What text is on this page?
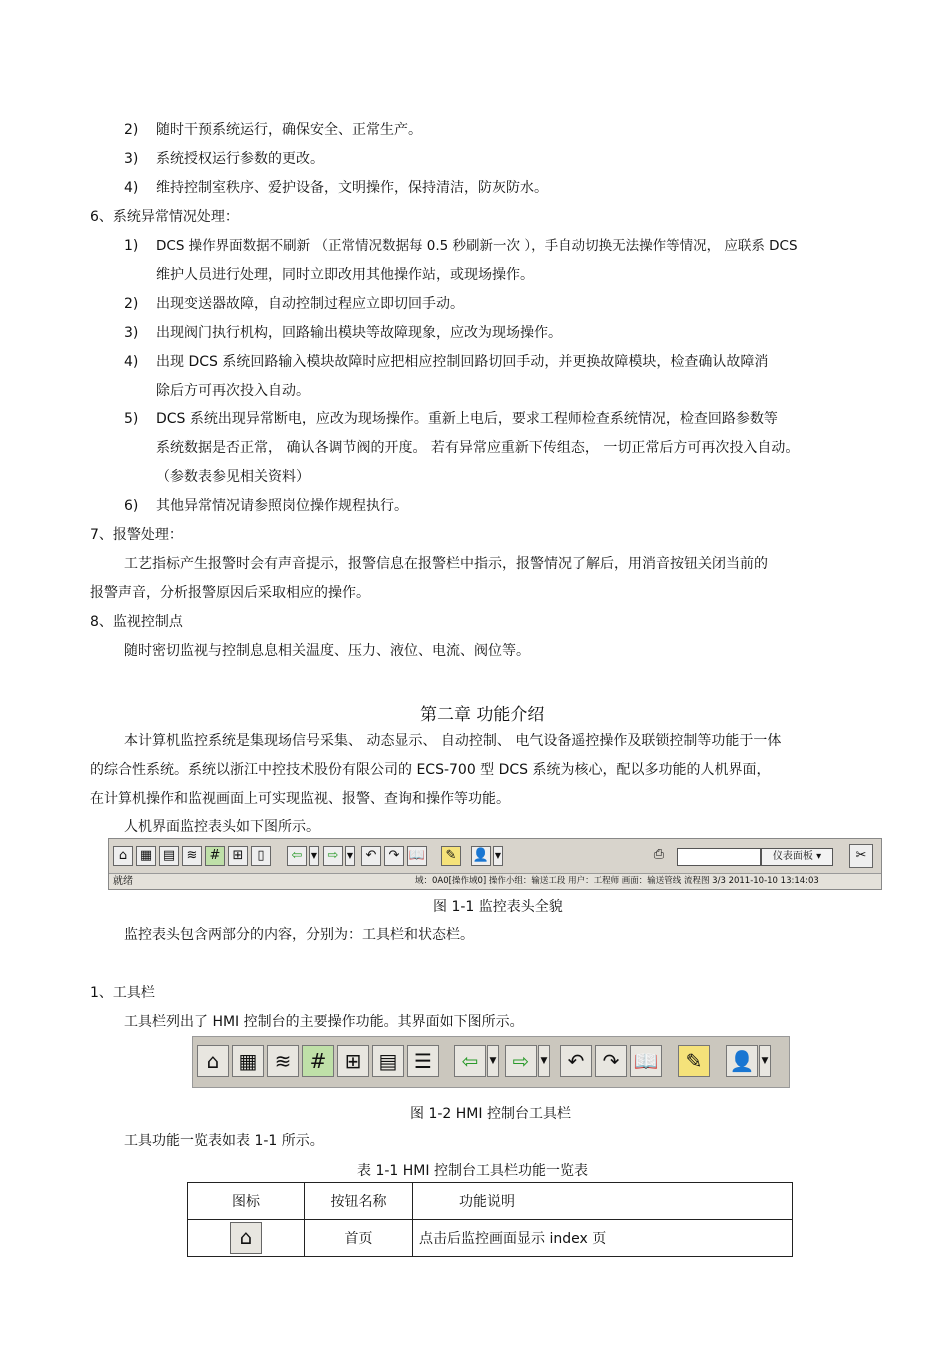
2) 随时干预系统运行，确保安全、正常生产。
3) 系统授权运行参数的更改。
4) 维持控制室秩序、爱护设备，文明操作，保持清洁，防灰防水。
6、系统异常情况处理：
1) DCS 操作界面数据不刷新 （正常情况数据每 0.5 秒刷新一次 ），手自动切换无法操作等情况， 应联系 DCS
维护人员进行处理，同时立即改用其他操作站，或现场操作。
2) 出现变送器故障，自动控制过程应立即切回手动。
3) 出现阀门执行机构，回路输出模块等故障现象，应改为现场操作。
4) 出现 DCS 系统回路输入模块故障时应把相应控制回路切回手动，并更换故障模块，检查确认故障消
除后方可再次投入自动。
5) DCS 系统出现异常断电，应改为现场操作。重新上电后，要求工程师检查系统情况，检查回路参数等
系统数据是否正常， 确认各调节阀的开度。 若有异常应重新下传组态， 一切正常后方可再次投入自动。
（参数表参见相关资料）
6) 其他异常情况请参照岗位操作规程执行。
7、报警处理：
工艺指标产生报警时会有声音提示，报警信息在报警栏中指示，报警情况了解后，用消音按钮关闭当前的
报警声音，分析报警原因后采取相应的操作。
8、监视控制点
随时密切监视与控制息息相关温度、压力、液位、电流、阀位等。
第二章 功能介绍
本计算机监控系统是集现场信号采集、 动态显示、 自动控制、 电气设备遥控操作及联锁控制等功能于一体
的综合性系统。系统以浙江中控技术股份有限公司的 ECS-700 型 DCS 系统为核心，配以多功能的人机界面，
在计算机操作和监视画面上可实现监视、报警、查询和操作等功能。
人机界面监控表头如下图所示。
⌂ ▦ ▤ ≋ # ⊞	▯	⇦	▼ ⇨	▼ ↶ ↷ 📖	✎	👤 ▼	⎙	仪表面板 ▾	✂
就绪	域：0A0[操作域0] 操作小组：输送工段 用户：工程师 画面：输送管线 流程图 3/3 2011-10-10 13:14:03
图 1-1 监控表头全貌
监控表头包含两部分的内容，分别为：工具栏和状态栏。
1、工具栏
工具栏列出了 HMI 控制台的主要操作功能。其界面如下图所示。
⌂ ▦ ≋ # ⊞ ▤ ☰	⇦	▼ ⇨	▼	↶ ↷ 📖	✎	👤 ▼
图 1-2 HMI 控制台工具栏
工具功能一览表如表 1-1 所示。
表 1-1 HMI 控制台工具栏功能一览表
图标	按钮名称	功能说明
⌂	首页	点击后监控画面显示 index 页
